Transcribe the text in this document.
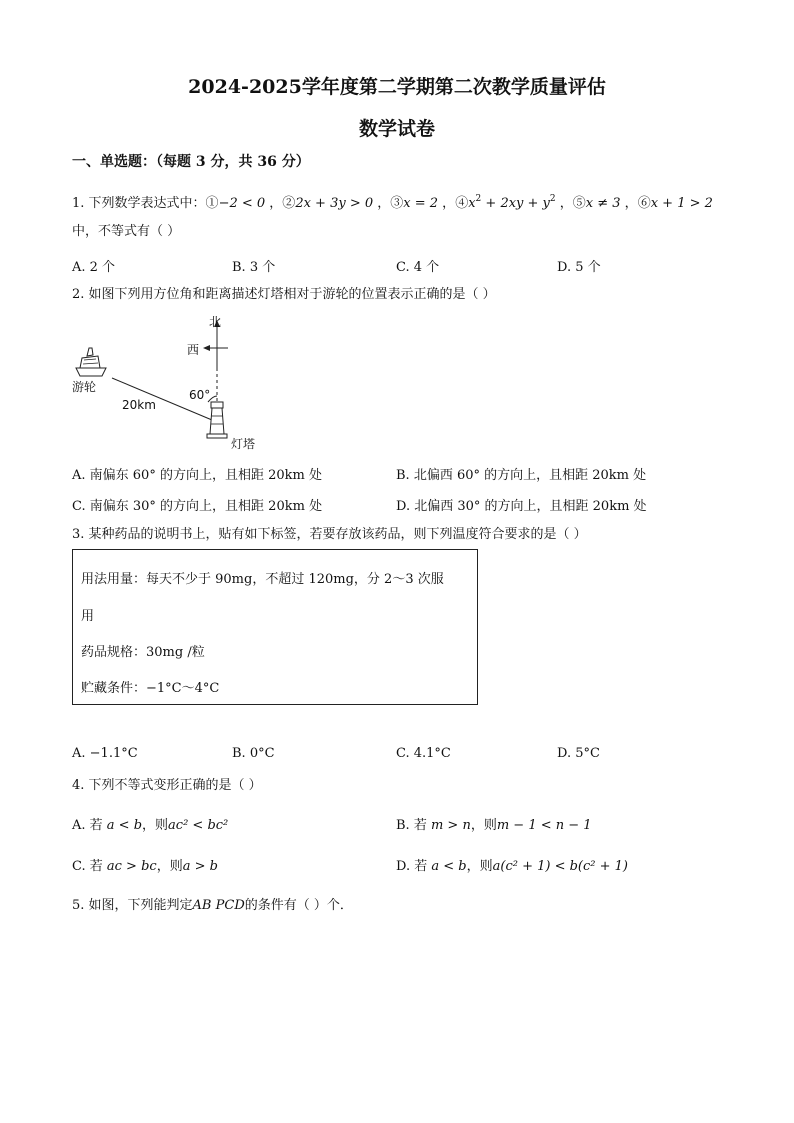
2024-2025学年度第二学期第二次教学质量评估
数学试卷
一、单选题：（每题 3 分，共 36 分）
1. 下列数学表达式中：①−2 < 0 ，②2x + 3y > 0 ，③x = 2 ，$④x^2 + 2xy + y^2$ ，⑤x ≠ 3 ，⑥x + 1 > 2
中，不等式有（ ）
A. 2 个	B. 3 个	C. 4 个	D. 5 个
2. 如图下列用方位角和距离描述灯塔相对于游轮的位置表示正确的是（ ）
北
西
游轮
20km
60°
灯塔
A. 南偏东 60° 的方向上，且相距 20km 处	B. 北偏西 60° 的方向上，且相距 20km 处
C. 南偏东 30° 的方向上，且相距 20km 处	D. 北偏西 30° 的方向上，且相距 20km 处
3. 某种药品的说明书上，贴有如下标签，若要存放该药品，则下列温度符合要求的是（ ）
用法用量：每天不少于 90mg，不超过 120mg，分 2～3 次服
用
药品规格：30mg /粒
贮藏条件：−1°C～4°C
A. −1.1°C	B. 0°C	C. 4.1°C	D. 5°C
4. 下列不等式变形正确的是（ ）
A. 若 a < b，则ac² < bc²	B. 若 m > n，则m − 1 < n − 1
C. 若 ac > bc，则a > b	D. 若 a < b，则a(c² + 1) < b(c² + 1)
5. 如图，下列能判定AB PCD的条件有（ ）个．
